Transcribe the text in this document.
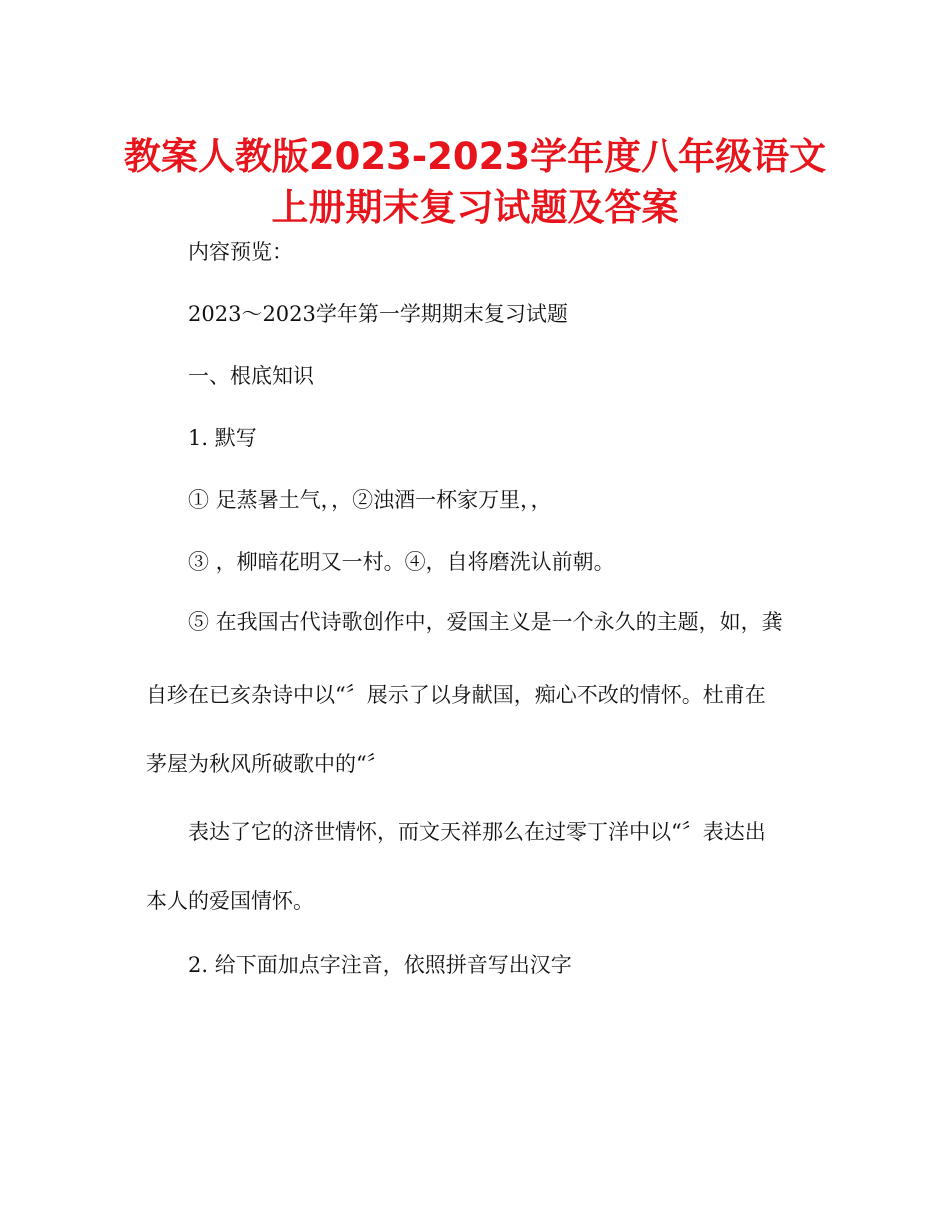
教案人教版2023-2023学年度八年级语文
上册期末复习试题及答案
内容预览：
2023～2023学年第一学期期末复习试题
一、根底知识
1. 默写
① 足蒸暑土气，，②浊酒一杯家万里，，
③ ，柳暗花明又一村。④，自将磨洗认前朝。
⑤ 在我国古代诗歌创作中，爱国主义是一个永久的主题，如，龚
自珍在已亥杂诗中以“〞展示了以身献国，痴心不改的情怀。杜甫在
茅屋为秋风所破歌中的“〞
表达了它的济世情怀，而文天祥那么在过零丁洋中以“〞表达出
本人的爱国情怀。
2. 给下面加点字注音，依照拼音写出汉字
